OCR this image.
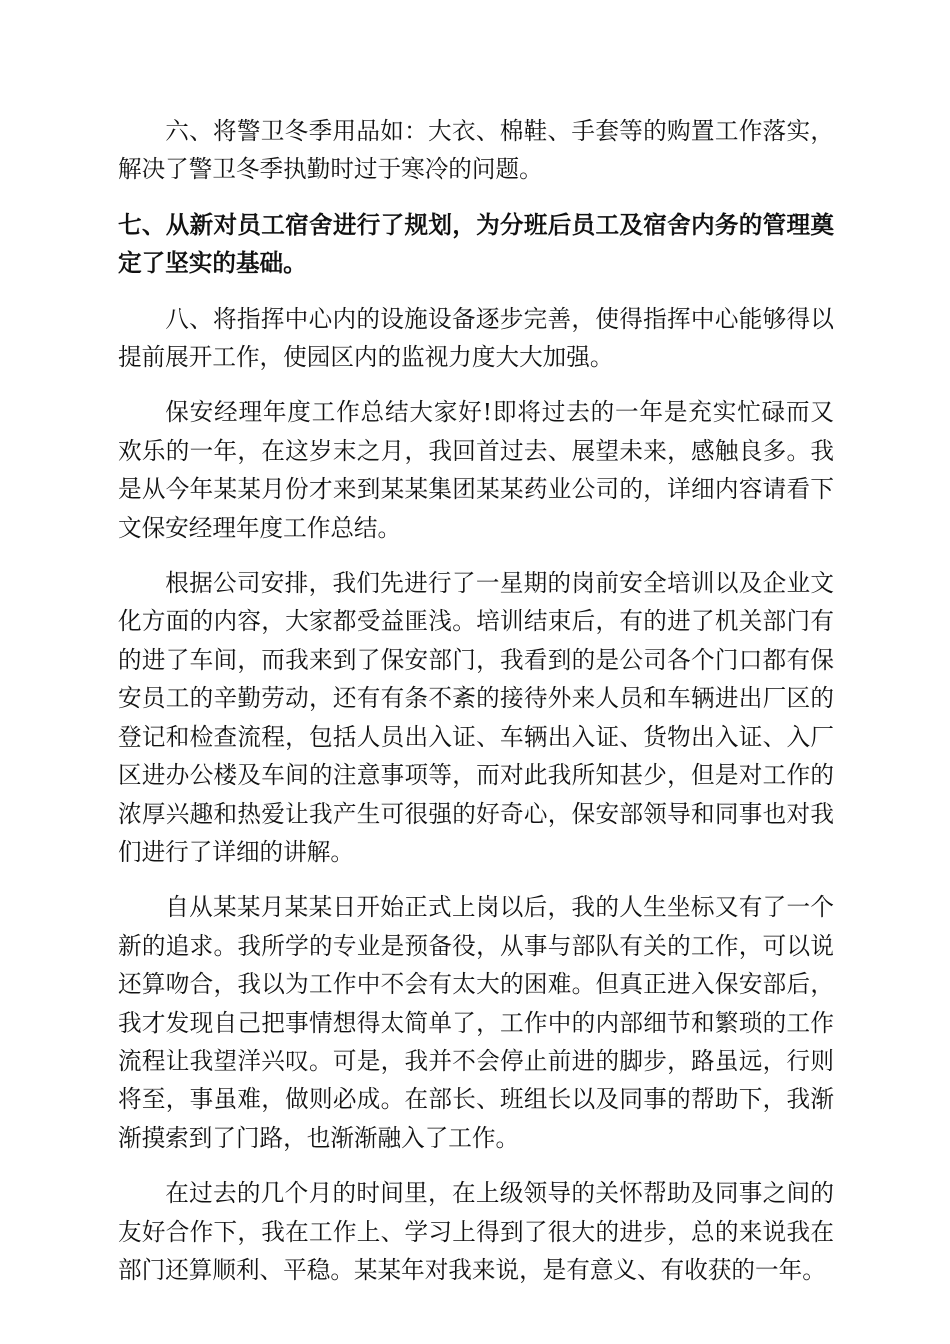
六、将警卫冬季用品如：大衣、棉鞋、手套等的购置工作落实，解决了警卫冬季执勤时过于寒冷的问题。

七、从新对员工宿舍进行了规划，为分班后员工及宿舍内务的管理奠定了坚实的基础。

八、将指挥中心内的设施设备逐步完善，使得指挥中心能够得以提前展开工作，使园区内的监视力度大大加强。

保安经理年度工作总结大家好!即将过去的一年是充实忙碌而又欢乐的一年，在这岁末之月，我回首过去、展望未来，感触良多。我是从今年某某月份才来到某某集团某某药业公司的，详细内容请看下文保安经理年度工作总结。

根据公司安排，我们先进行了一星期的岗前安全培训以及企业文化方面的内容，大家都受益匪浅。培训结束后，有的进了机关部门有的进了车间，而我来到了保安部门，我看到的是公司各个门口都有保安员工的辛勤劳动，还有有条不紊的接待外来人员和车辆进出厂区的登记和检查流程，包括人员出入证、车辆出入证、货物出入证、入厂区进办公楼及车间的注意事项等，而对此我所知甚少，但是对工作的浓厚兴趣和热爱让我产生可很强的好奇心，保安部领导和同事也对我们进行了详细的讲解。

自从某某月某某日开始正式上岗以后，我的人生坐标又有了一个新的追求。我所学的专业是预备役，从事与部队有关的工作，可以说还算吻合，我以为工作中不会有太大的困难。但真正进入保安部后，我才发现自己把事情想得太简单了，工作中的内部细节和繁琐的工作流程让我望洋兴叹。可是，我并不会停止前进的脚步，路虽远，行则将至，事虽难，做则必成。在部长、班组长以及同事的帮助下，我渐渐摸索到了门路，也渐渐融入了工作。

在过去的几个月的时间里，在上级领导的关怀帮助及同事之间的友好合作下，我在工作上、学习上得到了很大的进步，总的来说我在部门还算顺利、平稳。某某年对我来说，是有意义、有收获的一年。
